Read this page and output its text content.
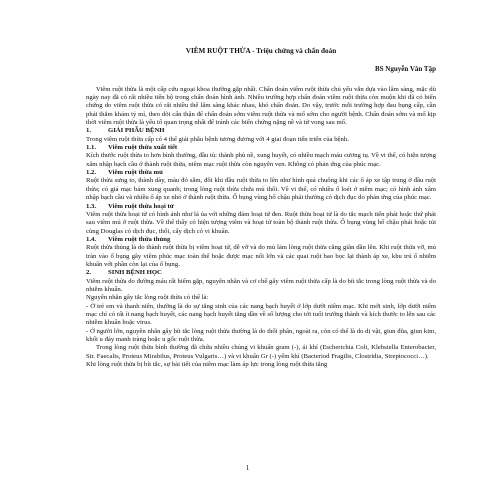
VIÊM RUỘT THỪA - Triệu chứng và chẩn đoán
BS Nguyễn Văn Tập

Viêm ruột thừa là một cấp cứu ngoại khoa thường gặp nhất. Chẩn đoán viêm ruột thừa chủ yếu vẫn dựa vào lâm sàng, mặc dù ngày nay đã có rất nhiều tiến bộ trong chẩn đoán hình ảnh. Nhiều trường hợp chẩn đoán viêm ruột thừa còn muộn khi đã có biến chứng do viêm ruột thừa có rất nhiều thể lâm sàng khác nhau, khó chẩn đoán. Do vậy, trước mỗi trường hợp đau bụng cấp, cần phải thăm khám tỷ mỉ, theo dõi cẩn thận để chẩn đoán sớm viêm ruột thừa và mổ sớm cho người bệnh. Chẩn đoán sớm và mổ kịp thời viêm ruột thừa là yếu tố quan trọng nhất để tránh các biến chứng nặng nề và tử vong sau mổ.

1.	GIẢI PHẪU BỆNH

Trong viêm ruột thừa cấp có 4 thể giải phẫu bệnh tương đương với 4 giai đoạn tiến triển của bệnh.

1.1. Viêm ruột thừa xuất tiết

Kích thước ruột thừa to hơn bình thường, đầu tù: thành phù nề, xung huyết, có nhiều mạch máu cương tụ. Về vi thể, có hiện tượng xâm nhập bạch cầu ở thành ruột thừa, niêm mạc ruột thừa còn nguyên vẹn. Không có phản ứng của phúc mạc.

1.2. Viêm ruột thừa mủ

Ruột thừa sưng to, thành dày, màu đỏ sẫm, đôi khi đầu ruột thừa to lên như hình quả chuông khi các ổ áp xe tập trung ở đầu ruột thừa; có giả mạc bám xung quanh; trong lòng ruột thừa chứa mủ thối. Về vi thể, có nhiều ổ loét ở niêm mạc; có hình ảnh xâm nhập bạch cầu và nhiều ổ áp xe nhỏ ở thành ruột thừa. Ổ bụng vùng hố chậu phải thường có dịch đục do phản ứng của phúc mạc.

1.3. Viêm ruột thừa hoại tử

Viêm ruột thừa hoại tử có hình ảnh như lá úa với những đám hoại tử đen. Ruột thừa hoại tử là do tắc mạch tiến phát hoặc thứ phát sau viêm mủ ở ruột thừa. Về thể thấy có hiện tượng viêm và hoại tử toàn bộ thành ruột thừa. Ổ bụng vùng hố chậu phải hoặc túi cùng Douglas có dịch đục, thối, cấy dịch có vi khuẩn.

1.4. Viêm ruột thừa thủng

Ruột thừa thủng là do thành ruột thừa bị viêm hoại tử, dễ vỡ và do mủ làm lòng ruột thừa căng giãn dần lên. Khi ruột thừa vỡ, mủ tràn vào ổ bụng gây viêm phúc mạc toàn thể hoặc được mạc nối lớn và các quai ruột bao bọc lại thành áp xe, khu trú ổ nhiễm khuẩn với phần còn lại của ổ bụng.

2.	SINH BỆNH HỌC

Viêm ruột thừa do đường máu rất hiếm gặp, nguyên nhân và cơ chế gây viêm ruột thừa cấp là do bít tắc trong lòng ruột thừa và do nhiễm khuẩn.

Nguyên nhân gây tắc lòng ruột thừa có thể là:

- Ở trẻ em và thanh niên, thường là do sự tăng sinh của các nang bạch huyết ở lớp dưới niêm mạc. Khi mới sinh, lớp dưới niêm mạc chỉ có rất ít nang bạch huyết, các nang bạch huyết tăng dần về số lượng cho tới tuổi trưởng thành và kích thước to lên sau các nhiễm khuẩn hoặc virus.

- Ở người lớn, nguyên nhân gây bít tắc lòng ruột thừa thường là do thối phân, ngoài ra, còn có thể là do dị vật, giun đũa, giun kim, khối u đáy manh tràng hoặc u gốc ruột thừa.

Trong lòng ruột thừa bình thường đã chứa nhiều chủng vi khuẩn gram (-), ái khí (Escherichia Coli, Klebsiella Enterobacter, Str. Faecalis, Proteus Mirabilus, Proteus Vulgaris…) và vi khuẩn Gr (-) yếm khí (Bacteriod Fragilis, Clostridia, Streptococci…).

Khi lòng ruột thừa bị bít tắc, sự bài tiết của niêm mạc làm áp lực trong lòng ruột thừa tăng

1
